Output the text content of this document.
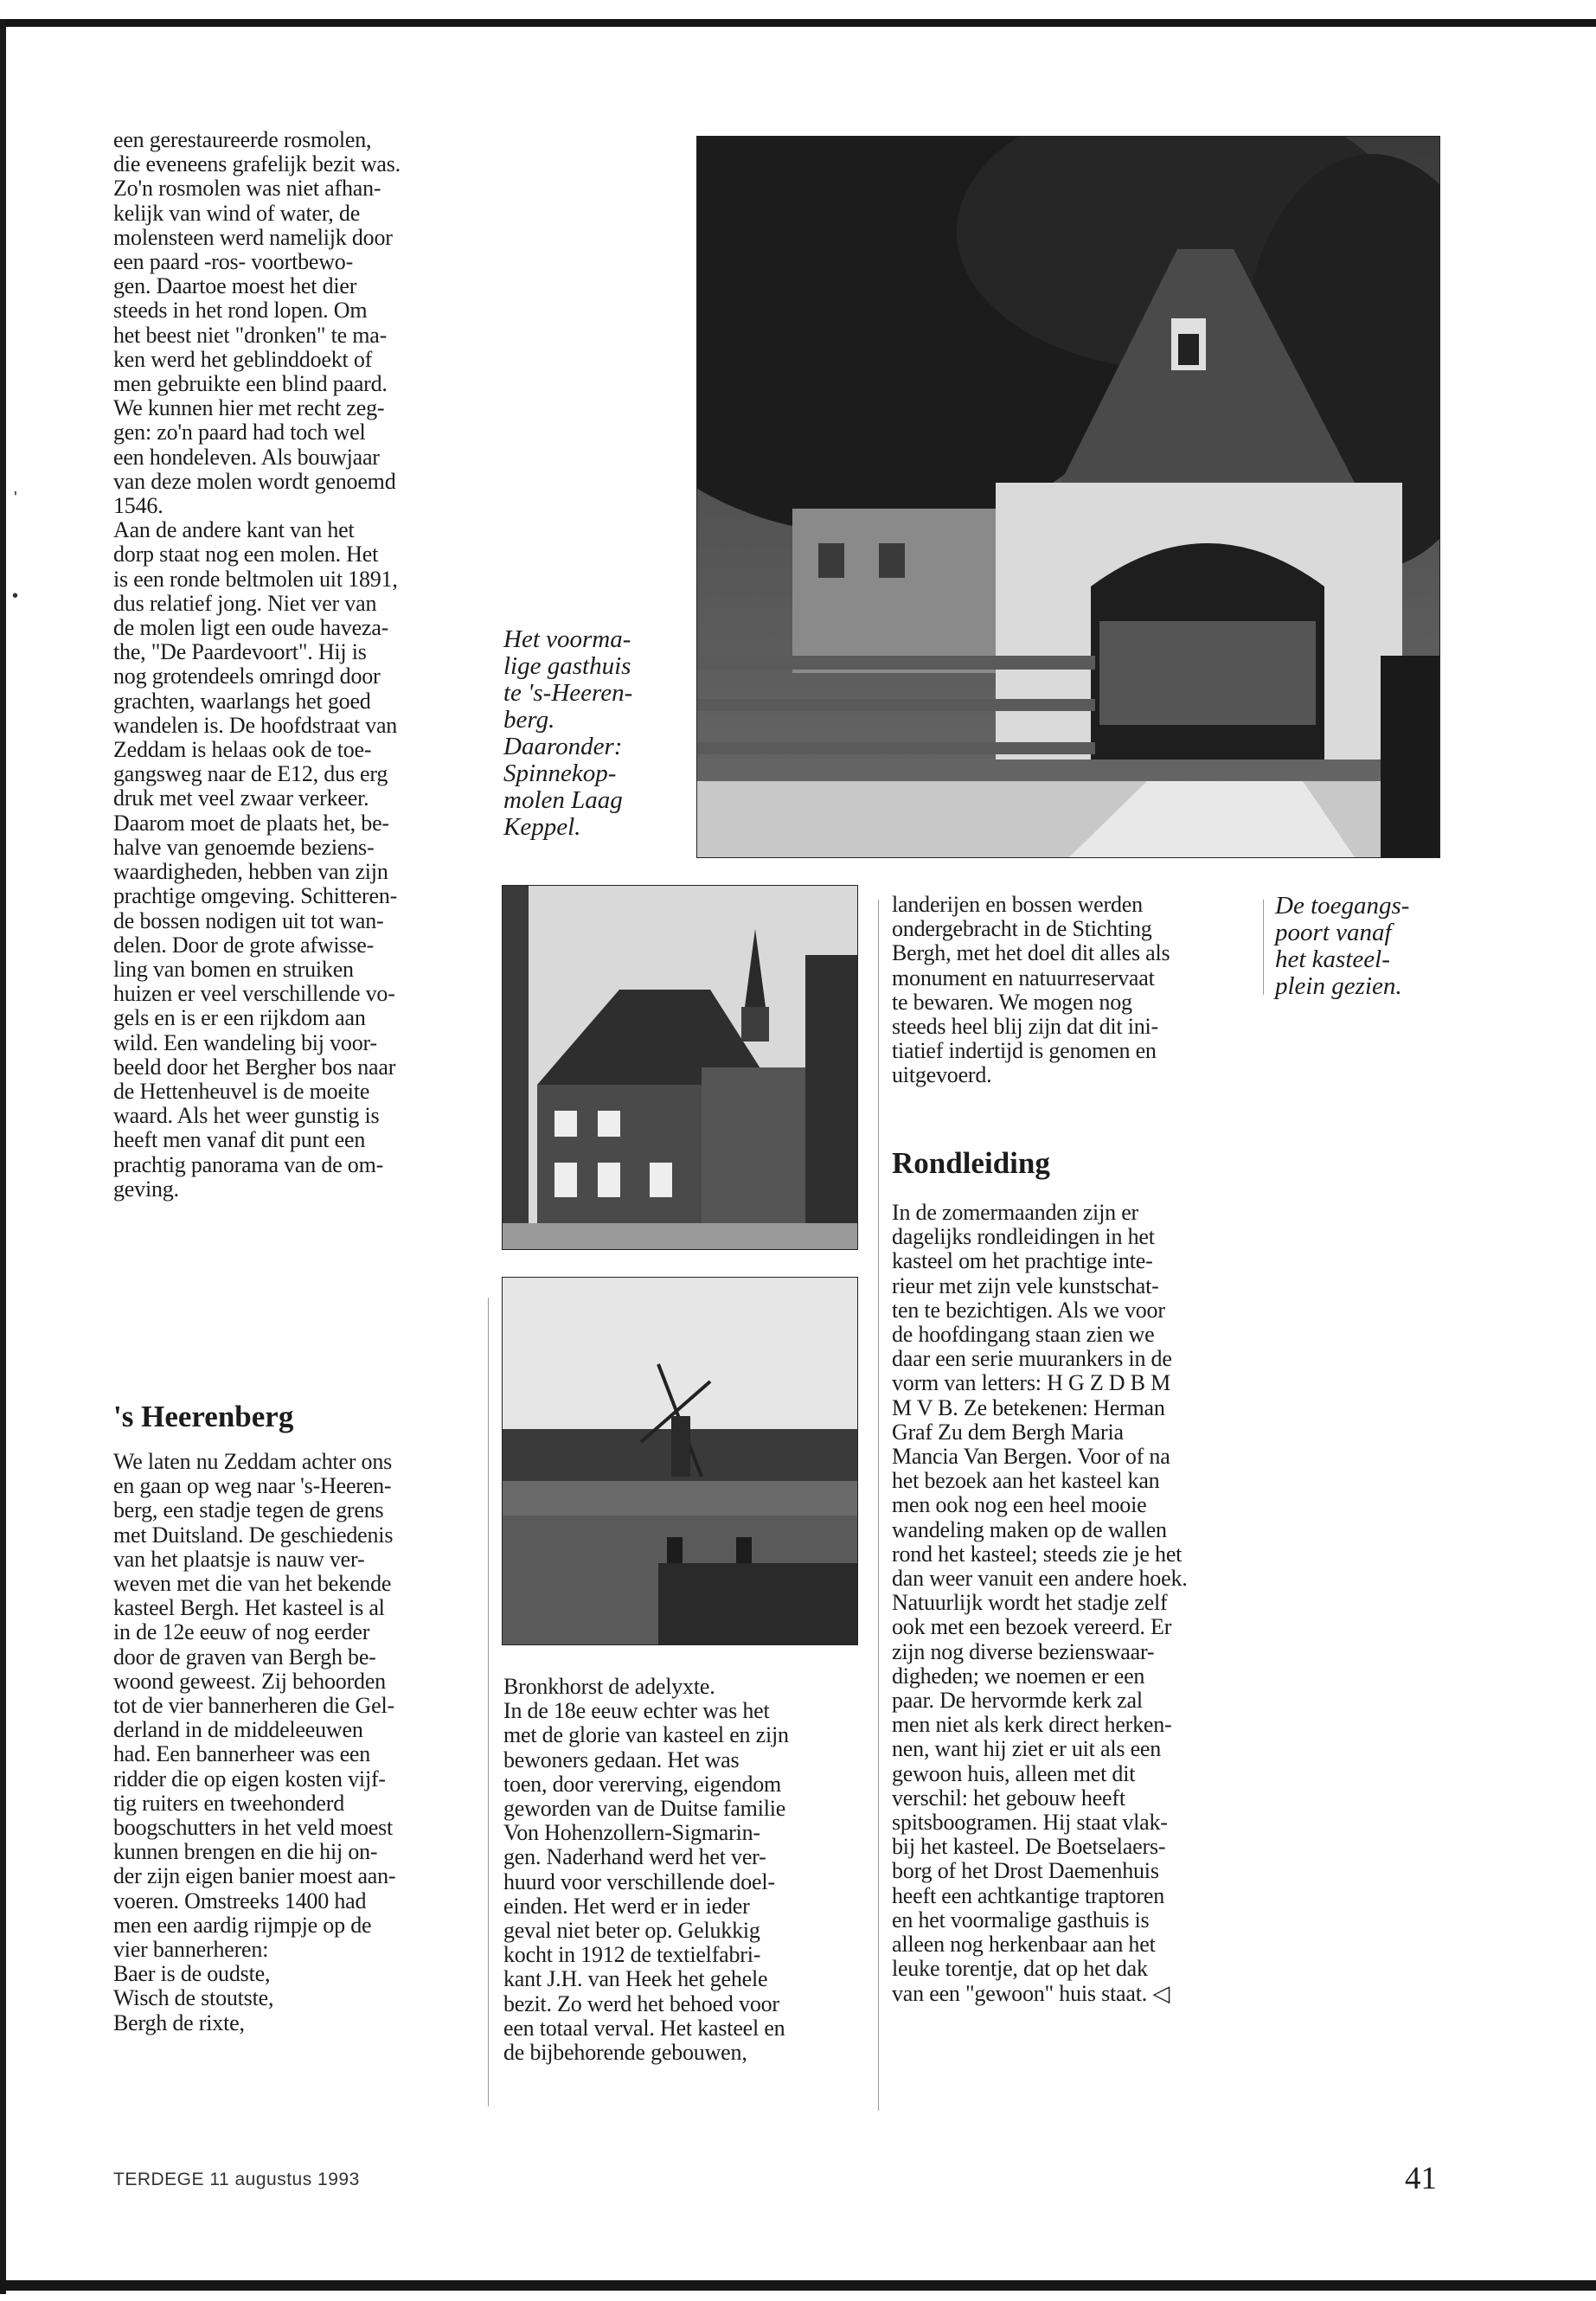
'
•

een gerestaureerde rosmolen,
die eveneens grafelijk bezit was.
Zo'n rosmolen was niet afhan-
kelijk van wind of water, de
molensteen werd namelijk door
een paard -ros- voortbewo-
gen. Daartoe moest het dier
steeds in het rond lopen. Om
het beest niet "dronken" te ma-
ken werd het geblinddoekt of
men gebruikte een blind paard.
We kunnen hier met recht zeg-
gen: zo'n paard had toch wel
een hondeleven. Als bouwjaar
van deze molen wordt genoemd
1546.
Aan de andere kant van het
dorp staat nog een molen. Het
is een ronde beltmolen uit 1891,
dus relatief jong. Niet ver van
de molen ligt een oude haveza-
the, "De Paardevoort". Hij is
nog grotendeels omringd door
grachten, waarlangs het goed
wandelen is. De hoofdstraat van
Zeddam is helaas ook de toe-
gangsweg naar de E12, dus erg
druk met veel zwaar verkeer.
Daarom moet de plaats het, be-
halve van genoemde beziens-
waardigheden, hebben van zijn
prachtige omgeving. Schitteren-
de bossen nodigen uit tot wan-
delen. Door de grote afwisse-
ling van bomen en struiken
huizen er veel verschillende vo-
gels en is er een rijkdom aan
wild. Een wandeling bij voor-
beeld door het Bergher bos naar
de Hettenheuvel is de moeite
waard. Als het weer gunstig is
heeft men vanaf dit punt een
prachtig panorama van de om-
geving.

's Heerenberg

We laten nu Zeddam achter ons
en gaan op weg naar 's-Heeren-
berg, een stadje tegen de grens
met Duitsland. De geschiedenis
van het plaatsje is nauw ver-
weven met die van het bekende
kasteel Bergh. Het kasteel is al
in de 12e eeuw of nog eerder
door de graven van Bergh be-
woond geweest. Zij behoorden
tot de vier bannerheren die Gel-
derland in de middeleeuwen
had. Een bannerheer was een
ridder die op eigen kosten vijf-
tig ruiters en tweehonderd
boogschutters in het veld moest
kunnen brengen en die hij on-
der zijn eigen banier moest aan-
voeren. Omstreeks 1400 had
men een aardig rijmpje op de
vier bannerheren:
Baer is de oudste,
Wisch de stoutste,
Bergh de rixte,

Het voorma-
lige gasthuis
te 's-Heeren-
berg.
Daaronder:
Spinnekop-
molen Laag
Keppel.

Bronkhorst de adelyxte.
In de 18e eeuw echter was het
met de glorie van kasteel en zijn
bewoners gedaan. Het was
toen, door vererving, eigendom
geworden van de Duitse familie
Von Hohenzollern-Sigmarin-
gen. Naderhand werd het ver-
huurd voor verschillende doel-
einden. Het werd er in ieder
geval niet beter op. Gelukkig
kocht in 1912 de textielfabri-
kant J.H. van Heek het gehele
bezit. Zo werd het behoed voor
een totaal verval. Het kasteel en
de bijbehorende gebouwen,

landerijen en bossen werden
ondergebracht in de Stichting
Bergh, met het doel dit alles als
monument en natuurreservaat
te bewaren. We mogen nog
steeds heel blij zijn dat dit ini-
tiatief indertijd is genomen en
uitgevoerd.

Rondleiding

In de zomermaanden zijn er
dagelijks rondleidingen in het
kasteel om het prachtige inte-
rieur met zijn vele kunstschat-
ten te bezichtigen. Als we voor
de hoofdingang staan zien we
daar een serie muurankers in de
vorm van letters: H G Z D B M
M V B. Ze betekenen: Herman
Graf Zu dem Bergh Maria
Mancia Van Bergen. Voor of na
het bezoek aan het kasteel kan
men ook nog een heel mooie
wandeling maken op de wallen
rond het kasteel; steeds zie je het
dan weer vanuit een andere hoek.
Natuurlijk wordt het stadje zelf
ook met een bezoek vereerd. Er
zijn nog diverse bezienswaar-
digheden; we noemen er een
paar. De hervormde kerk zal
men niet als kerk direct herken-
nen, want hij ziet er uit als een
gewoon huis, alleen met dit
verschil: het gebouw heeft
spitsboogramen. Hij staat vlak-
bij het kasteel. De Boetselaers-
borg of het Drost Daemenhuis
heeft een achtkantige traptoren
en het voormalige gasthuis is
alleen nog herkenbaar aan het
leuke torentje, dat op het dak
van een "gewoon" huis staat. ◁

De toegangs-
poort vanaf
het kasteel-
plein gezien.
TERDEGE 11 augustus 1993	41
